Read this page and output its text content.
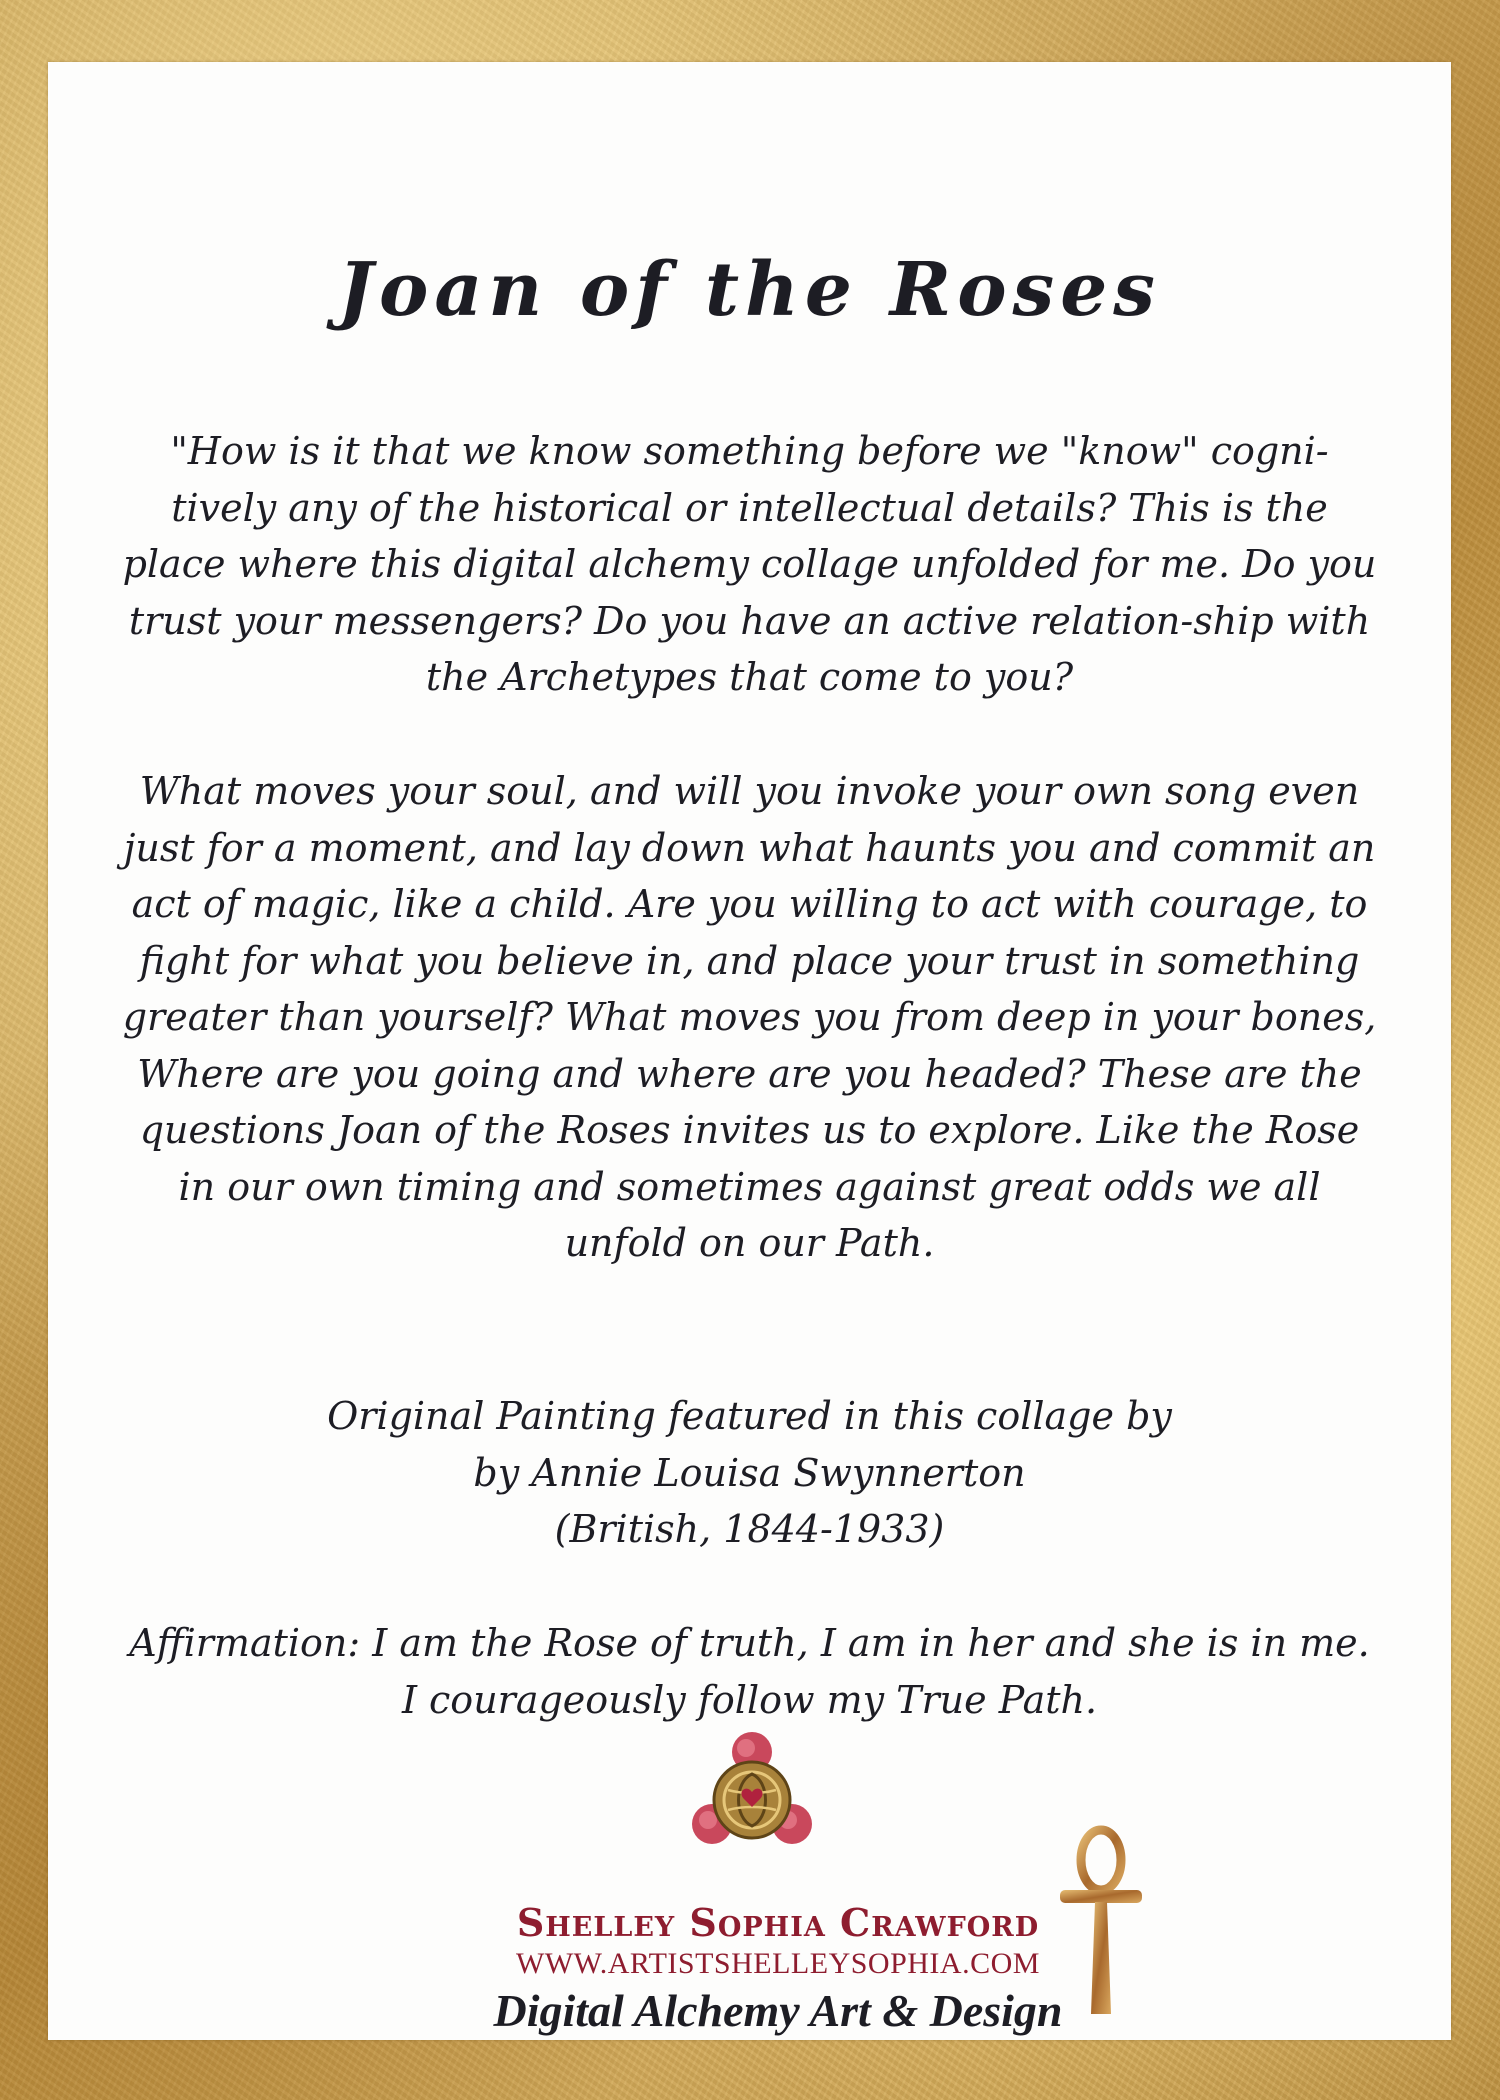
Joan of the Roses
"How is it that we know something before we "know" cogni-tively any of the historical or intellectual details? This is the place where this digital alchemy collage unfolded for me. Do you trust your messengers? Do you have an active relation-ship with the Archetypes that come to you?
What moves your soul, and will you invoke your own song even just for a moment, and lay down what haunts you and commit an act of magic, like a child. Are you willing to act with courage, to fight for what you believe in, and place your trust in something greater than yourself? What moves you from deep in your bones, Where are you going and where are you headed? These are the questions Joan of the Roses invites us to explore. Like the Rose in our own timing and sometimes against great odds we all unfold on our Path.
Original Painting featured in this collage by
by Annie Louisa Swynnerton
(British, 1844-1933)
Affirmation: I am the Rose of truth, I am in her and she is in me. I courageously follow my True Path.
Shelley Sophia Crawford
WWW.ARTISTSHELLEYSOPHIA.COM
Digital Alchemy Art & Design
